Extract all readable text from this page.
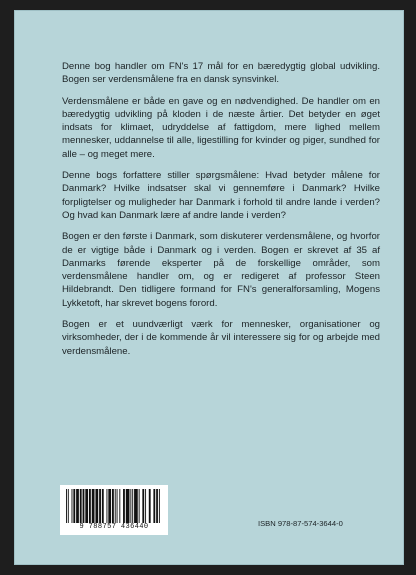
Denne bog handler om FN's 17 mål for en bæredygtig global udvikling. Bogen ser verdensmålene fra en dansk synsvinkel.

Verdensmålene er både en gave og en nødvendighed. De handler om en bæredygtig udvikling på kloden i de næste årtier. Det betyder en øget indsats for klimaet, udryddelse af fattigdom, mere lighed mellem mennesker, uddannelse til alle, ligestilling for kvinder og piger, sundhed for alle – og meget mere.

Denne bogs forfattere stiller spørgsmålene: Hvad betyder målene for Danmark? Hvilke indsatser skal vi gennemføre i Danmark? Hvilke forpligtelser og muligheder har Danmark i forhold til andre lande i verden? Og hvad kan Danmark lære af andre lande i verden?

Bogen er den første i Danmark, som diskuterer verdensmålene, og hvorfor de er vigtige både i Danmark og i verden. Bogen er skrevet af 35 af Danmarks førende eksperter på de forskellige områder, som verdensmålene handler om, og er redigeret af professor Steen Hildebrandt. Den tidligere formand for FN's generalforsamling, Mogens Lykketoft, har skrevet bogens forord.

Bogen er et uundværligt værk for mennesker, organisationer og virksomheder, der i de kommende år vil interessere sig for og arbejde med verdensmålene.

9 788757 436440	ISBN 978-87-574-3644-0
